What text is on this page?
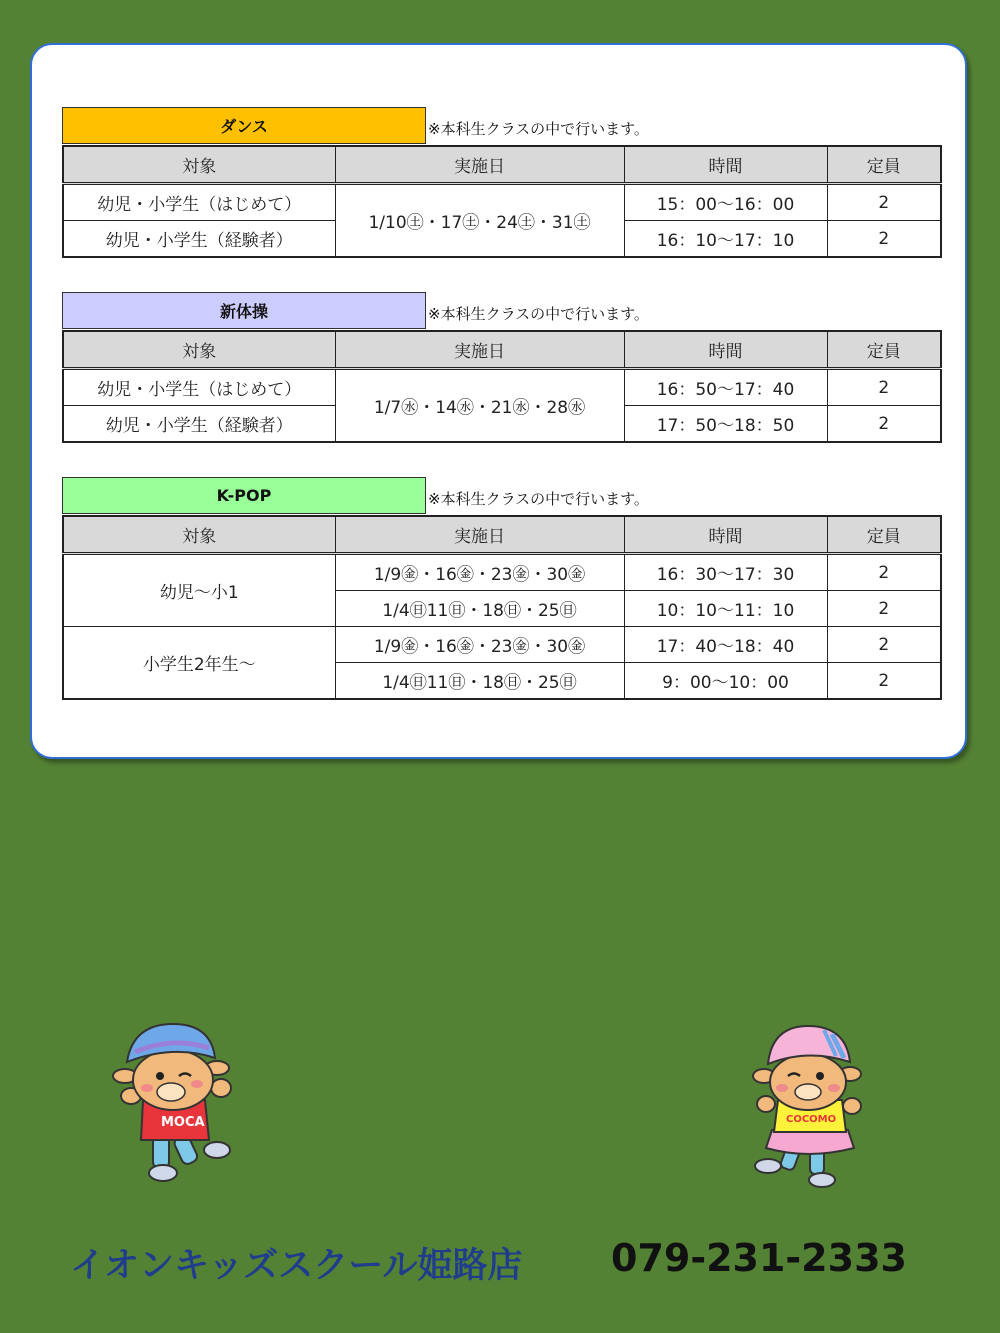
ダンス	※本科生クラスの中で行います。
対象	実施日	時間	定員
幼児・小学生（はじめて）	1/10㊏・17㊏・24㊏・31㊏	15：00〜16：00	2
幼児・小学生（経験者）		16：10〜17：10	2
新体操	※本科生クラスの中で行います。
対象	実施日	時間	定員
幼児・小学生（はじめて）	1/7㊌・14㊌・21㊌・28㊌	16：50〜17：40	2
幼児・小学生（経験者）		17：50〜18：50	2
K-POP	※本科生クラスの中で行います。
対象	実施日	時間	定員
幼児〜小1	1/9㊎・16㊎・23㊎・30㊎	16：30〜17：30	2
	1/4㊐11㊐・18㊐・25㊐	10：10〜11：10	2
小学生2年生〜	1/9㊎・16㊎・23㊎・30㊎	17：40〜18：40	2
	1/4㊐11㊐・18㊐・25㊐	9：00〜10：00	2
MOCA	COCOMO
イオンキッズスクール姫路店 079-231-2333
